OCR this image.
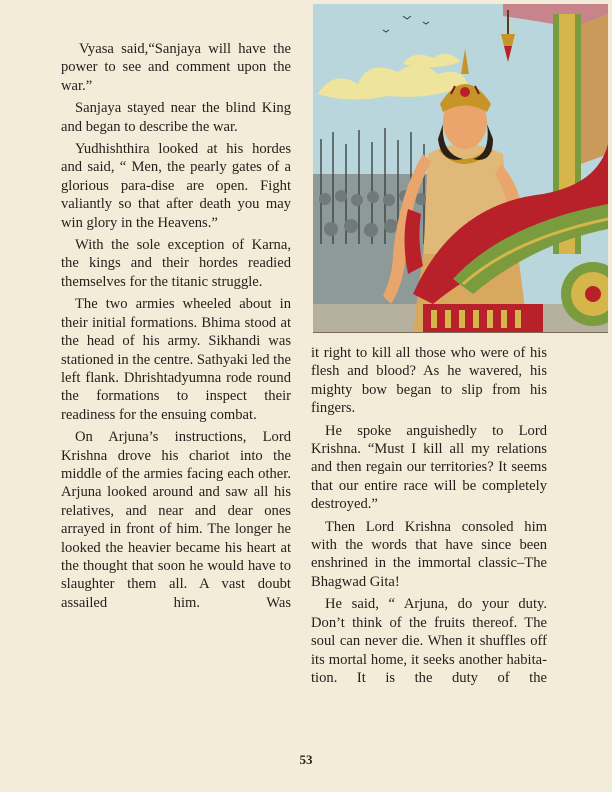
Vyasa said,“Sanjaya will have the power to see and comment upon the war.”

Sanjaya stayed near the blind King and began to describe the war.

Yudhishthira looked at his hordes and said, “ Men, the pearly gates of a glorious para-dise are open. Fight valiantly so that after death you may win glory in the Heavens.”

With the sole exception of Karna, the kings and their hordes readied themselves for the titanic struggle.

The two armies wheeled about in their initial formations. Bhima stood at the head of his army. Sikhandi was stationed in the centre. Sathyaki led the left flank. Dhrishtadyumna rode round the formations to inspect their readiness for the ensuing combat.

On Arjuna’s instructions, Lord Krishna drove his chariot into the middle of the armies facing each other. Arjuna looked around and saw all his relatives, and near and dear ones arrayed in front of him. The longer he looked the heavier became his heart at the thought that soon he would have to slaughter them all. A vast doubt assailed him. Was

it right to kill all those who were of his flesh and blood? As he wavered, his mighty bow began to slip from his fingers.

He spoke anguishedly to Lord Krishna. “Must I kill all my relations and then regain our territories? It seems that our entire race will be completely destroyed.”

Then Lord Krishna consoled him with the words that have since been enshrined in the immortal classic–The Bhagwad Gita!

He said, “ Arjuna, do your duty. Don’t think of the fruits thereof. The soul can never die. When it shuffles off its mortal home, it seeks another habita-tion. It is the duty of the

53
